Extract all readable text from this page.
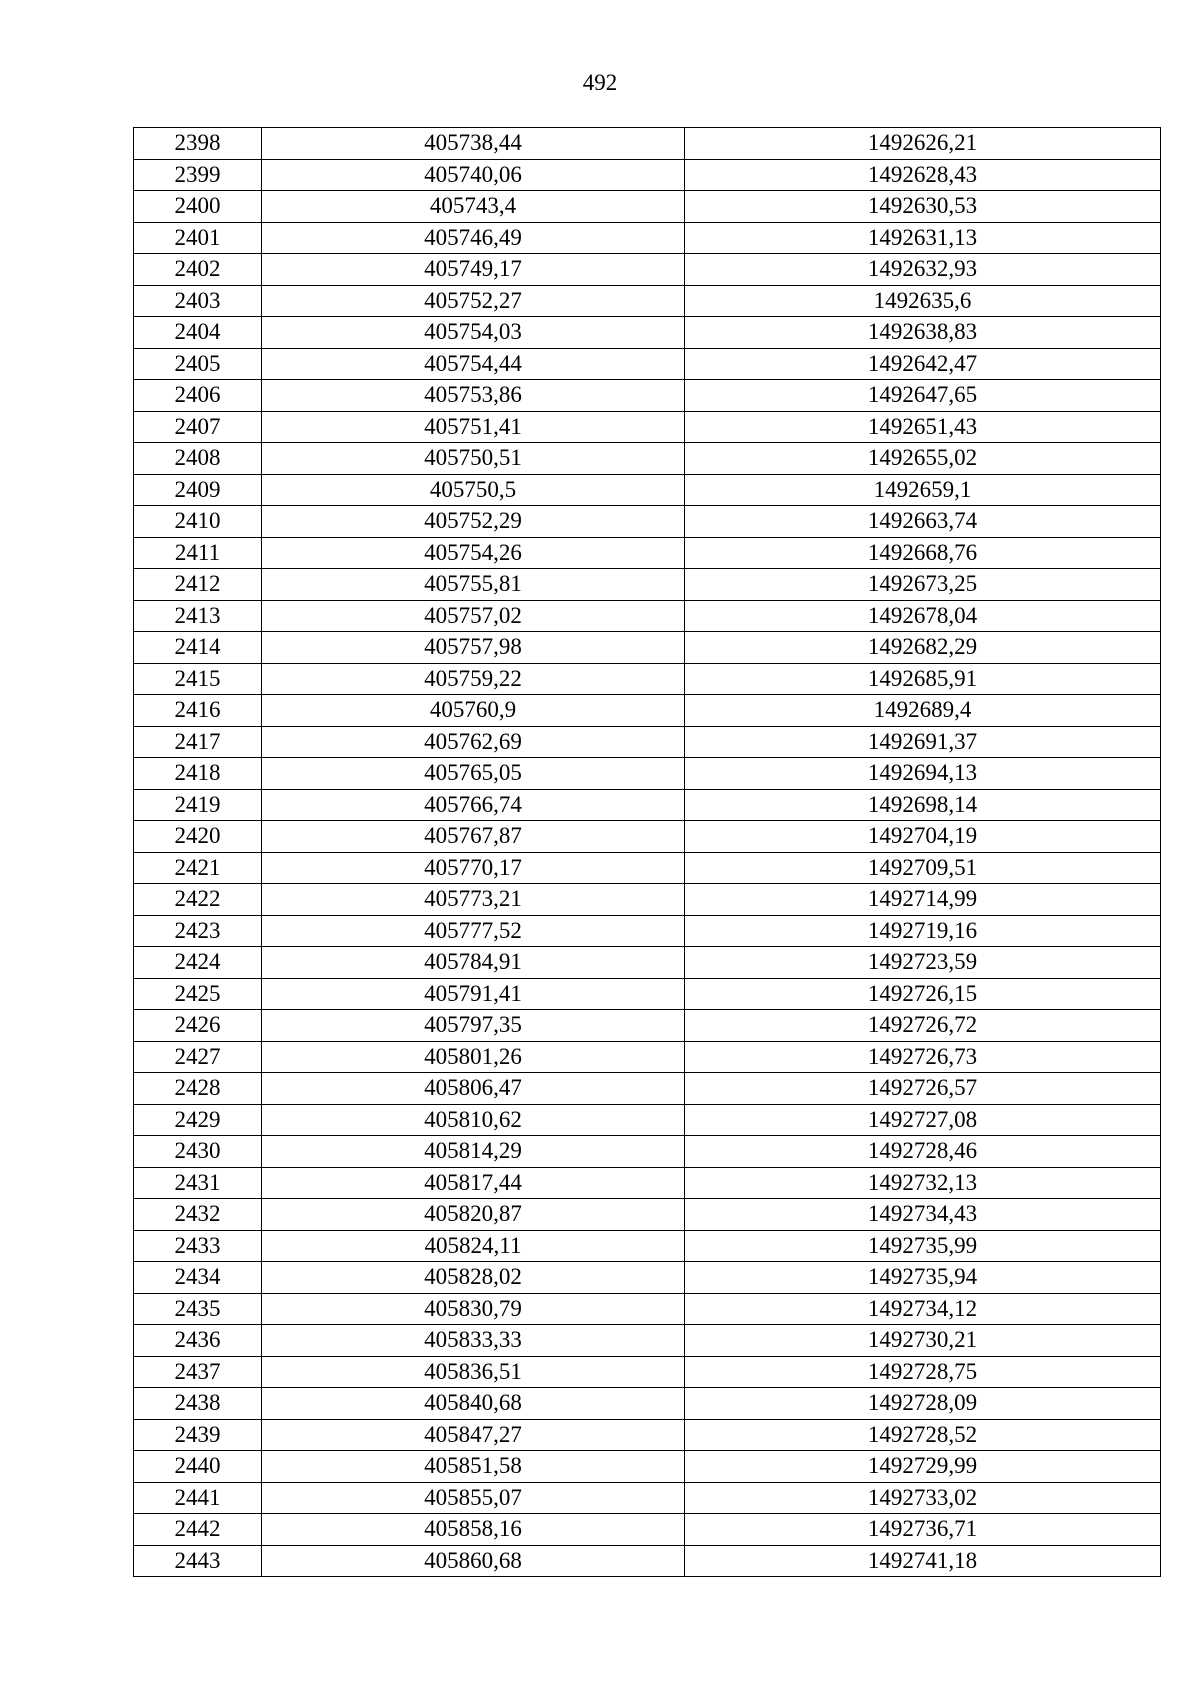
492
2398	405738,44	1492626,21
2399	405740,06	1492628,43
2400	405743,4	1492630,53
2401	405746,49	1492631,13
2402	405749,17	1492632,93
2403	405752,27	1492635,6
2404	405754,03	1492638,83
2405	405754,44	1492642,47
2406	405753,86	1492647,65
2407	405751,41	1492651,43
2408	405750,51	1492655,02
2409	405750,5	1492659,1
2410	405752,29	1492663,74
2411	405754,26	1492668,76
2412	405755,81	1492673,25
2413	405757,02	1492678,04
2414	405757,98	1492682,29
2415	405759,22	1492685,91
2416	405760,9	1492689,4
2417	405762,69	1492691,37
2418	405765,05	1492694,13
2419	405766,74	1492698,14
2420	405767,87	1492704,19
2421	405770,17	1492709,51
2422	405773,21	1492714,99
2423	405777,52	1492719,16
2424	405784,91	1492723,59
2425	405791,41	1492726,15
2426	405797,35	1492726,72
2427	405801,26	1492726,73
2428	405806,47	1492726,57
2429	405810,62	1492727,08
2430	405814,29	1492728,46
2431	405817,44	1492732,13
2432	405820,87	1492734,43
2433	405824,11	1492735,99
2434	405828,02	1492735,94
2435	405830,79	1492734,12
2436	405833,33	1492730,21
2437	405836,51	1492728,75
2438	405840,68	1492728,09
2439	405847,27	1492728,52
2440	405851,58	1492729,99
2441	405855,07	1492733,02
2442	405858,16	1492736,71
2443	405860,68	1492741,18
